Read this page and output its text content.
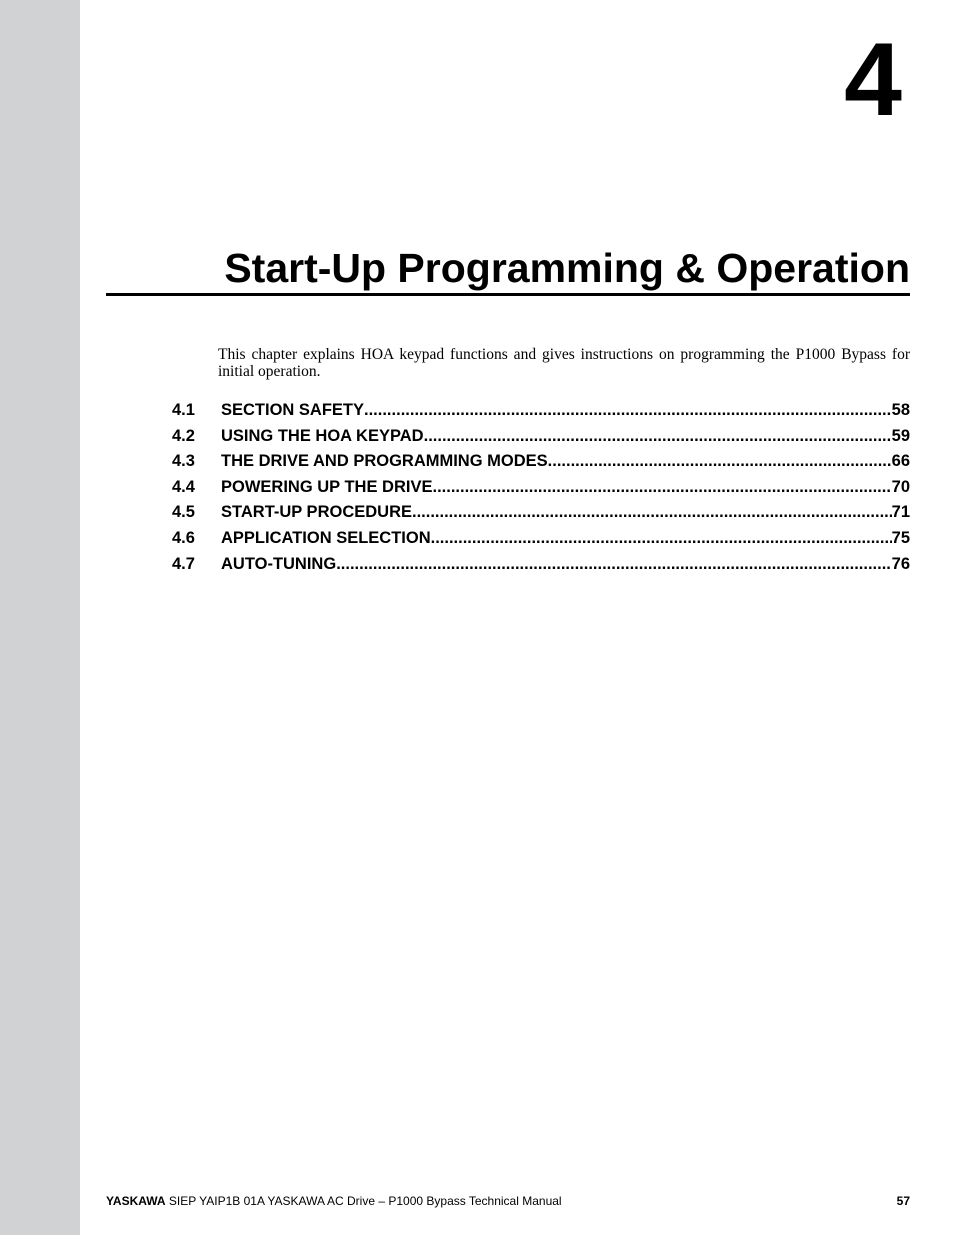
4
Start-Up Programming & Operation

This chapter explains HOA keypad functions and gives instructions on programming the P1000 Bypass for initial operation.

4.1	SECTION SAFETY .....	58
4.2	USING THE HOA KEYPAD .....	59
4.3	THE DRIVE AND PROGRAMMING MODES .....	66
4.4	POWERING UP THE DRIVE .....	70
4.5	START-UP PROCEDURE .....	71
4.6	APPLICATION SELECTION .....	75
4.7	AUTO-TUNING .....	76
YASKAWA SIEP YAIP1B 01A YASKAWA AC Drive – P1000 Bypass Technical Manual	57
